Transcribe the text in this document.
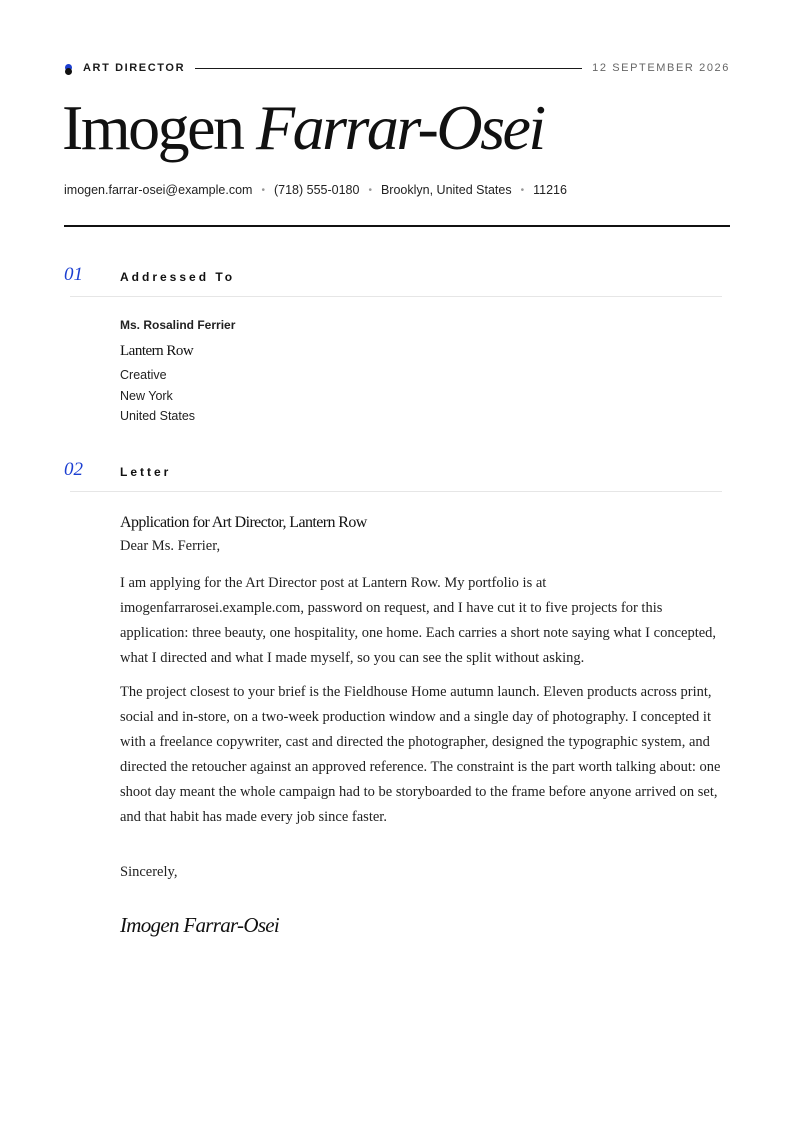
ART DIRECTOR	12 SEPTEMBER 2026
Imogen Farrar-Osei
imogen.farrar-osei@example.com • (718) 555-0180 • Brooklyn, United States • 11216
01	Addressed To
Ms. Rosalind Ferrier
Lantern Row
Creative
New York
United States
02	Letter
Application for Art Director, Lantern Row
Dear Ms. Ferrier,

I am applying for the Art Director post at Lantern Row. My portfolio is at imogenfarrarosei.example.com, password on request, and I have cut it to five projects for this application: three beauty, one hospitality, one home. Each carries a short note saying what I concepted, what I directed and what I made myself, so you can see the split without asking.

The project closest to your brief is the Fieldhouse Home autumn launch. Eleven products across print, social and in-store, on a two-week production window and a single day of photography. I concepted it with a freelance copywriter, cast and directed the photographer, designed the typographic system, and directed the retoucher against an approved reference. The constraint is the part worth talking about: one shoot day meant the whole campaign had to be storyboarded to the frame before anyone arrived on set, and that habit has made every job since faster.

Sincerely,
Imogen Farrar-Osei
